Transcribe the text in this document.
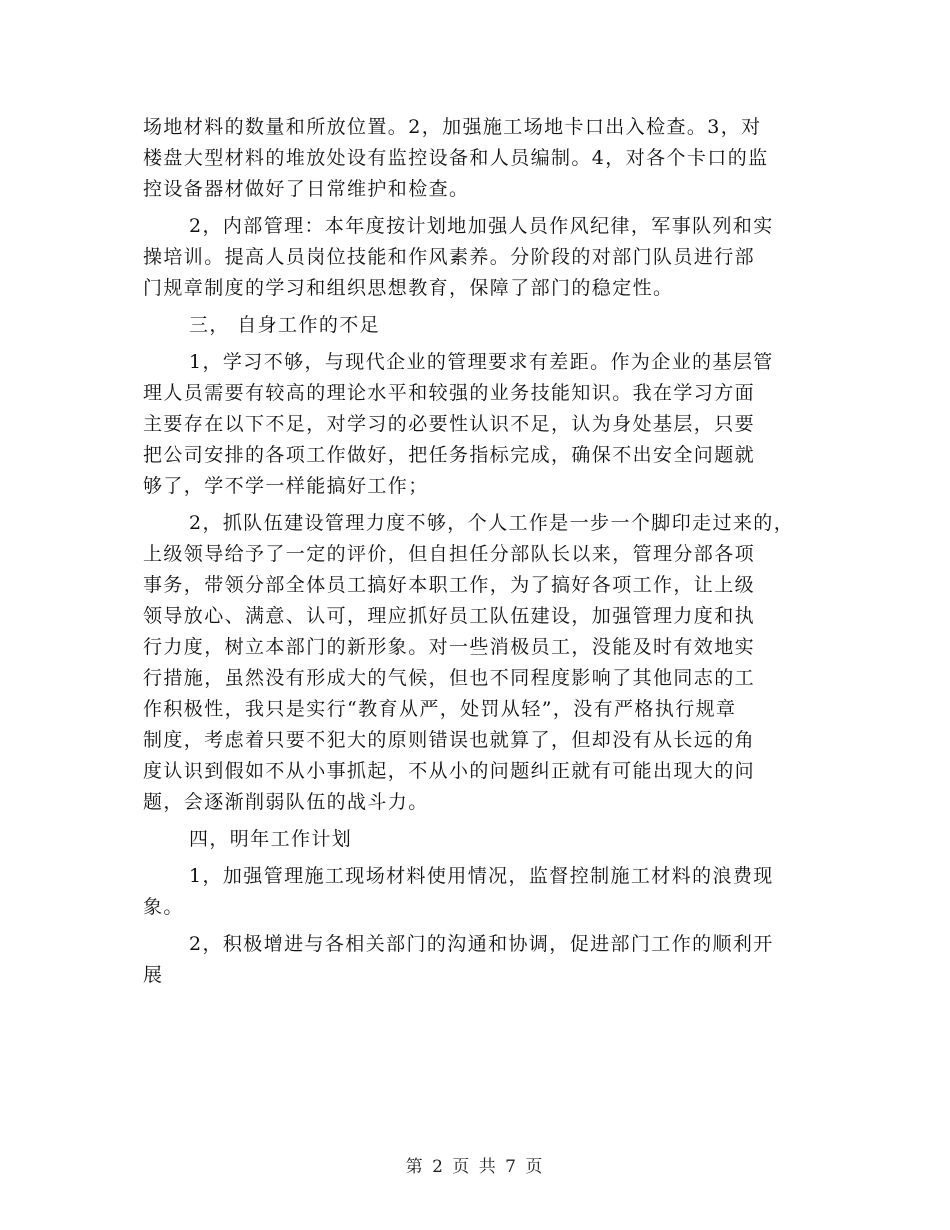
场地材料的数量和所放位置。2，加强施工场地卡口出入检查。3，对
楼盘大型材料的堆放处设有监控设备和人员编制。4，对各个卡口的监
控设备器材做好了日常维护和检查。
2，内部管理：本年度按计划地加强人员作风纪律，军事队列和实
操培训。提高人员岗位技能和作风素养。分阶段的对部门队员进行部
门规章制度的学习和组织思想教育，保障了部门的稳定性。
三， 自身工作的不足
1，学习不够，与现代企业的管理要求有差距。作为企业的基层管
理人员需要有较高的理论水平和较强的业务技能知识。我在学习方面
主要存在以下不足，对学习的必要性认识不足，认为身处基层，只要
把公司安排的各项工作做好，把任务指标完成，确保不出安全问题就
够了，学不学一样能搞好工作；
2，抓队伍建设管理力度不够，个人工作是一步一个脚印走过来的，
上级领导给予了一定的评价，但自担任分部队长以来，管理分部各项
事务，带领分部全体员工搞好本职工作，为了搞好各项工作，让上级
领导放心、满意、认可，理应抓好员工队伍建设，加强管理力度和执
行力度，树立本部门的新形象。对一些消极员工，没能及时有效地实
行措施，虽然没有形成大的气候，但也不同程度影响了其他同志的工
作积极性，我只是实行“教育从严，处罚从轻”，没有严格执行规章
制度，考虑着只要不犯大的原则错误也就算了，但却没有从长远的角
度认识到假如不从小事抓起，不从小的问题纠正就有可能出现大的问
题，会逐渐削弱队伍的战斗力。
四，明年工作计划
1，加强管理施工现场材料使用情况，监督控制施工材料的浪费现
象。
2，积极增进与各相关部门的沟通和协调，促进部门工作的顺利开
展
第 2 页 共 7 页
